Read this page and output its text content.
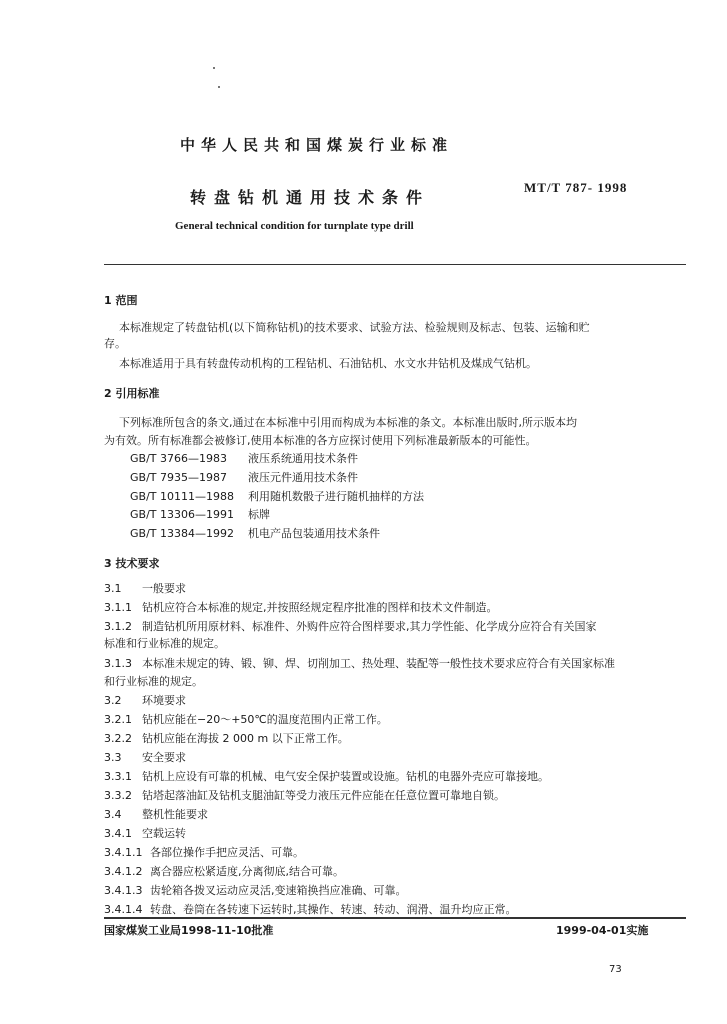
中华人民共和国煤炭行业标准
转盘钻机通用技术条件
MT/T 787- 1998
General technical condition for turnplate type drill
1 范围
本标准规定了转盘钻机(以下简称钻机)的技术要求、试验方法、检验规则及标志、包装、运输和贮
存。
本标准适用于具有转盘传动机构的工程钻机、石油钻机、水文水井钻机及煤成气钻机。
2 引用标准
下列标准所包含的条文,通过在本标准中引用而构成为本标准的条文。本标准出版时,所示版本均
为有效。所有标准都会被修订,使用本标准的各方应探讨使用下列标准最新版本的可能性。
GB/T 3766—1983 液压系统通用技术条件
GB/T 7935—1987 液压元件通用技术条件
GB/T 10111—1988 利用随机数骰子进行随机抽样的方法
GB/T 13306—1991 标牌
GB/T 13384—1992 机电产品包装通用技术条件
3 技术要求
3.1 一般要求
3.1.1 钻机应符合本标准的规定,并按照经规定程序批准的图样和技术文件制造。
3.1.2 制造钻机所用原材料、标准件、外购件应符合图样要求,其力学性能、化学成分应符合有关国家
标准和行业标准的规定。
3.1.3 本标准未规定的铸、锻、铆、焊、切削加工、热处理、装配等一般性技术要求应符合有关国家标准
和行业标准的规定。
3.2 环境要求
3.2.1 钻机应能在−20～+50℃的温度范围内正常工作。
3.2.2 钻机应能在海拔 2 000 m 以下正常工作。
3.3 安全要求
3.3.1 钻机上应设有可靠的机械、电气安全保护装置或设施。钻机的电器外壳应可靠接地。
3.3.2 钻塔起落油缸及钻机支腿油缸等受力液压元件应能在任意位置可靠地自锁。
3.4 整机性能要求
3.4.1 空载运转
3.4.1.1 各部位操作手把应灵活、可靠。
3.4.1.2 离合器应松紧适度,分离彻底,结合可靠。
3.4.1.3 齿轮箱各拨叉运动应灵活,变速箱换挡应准确、可靠。
3.4.1.4 转盘、卷筒在各转速下运转时,其操作、转速、转动、润滑、温升均应正常。
国家煤炭工业局1998-11-10批准	1999-04-01实施
73
